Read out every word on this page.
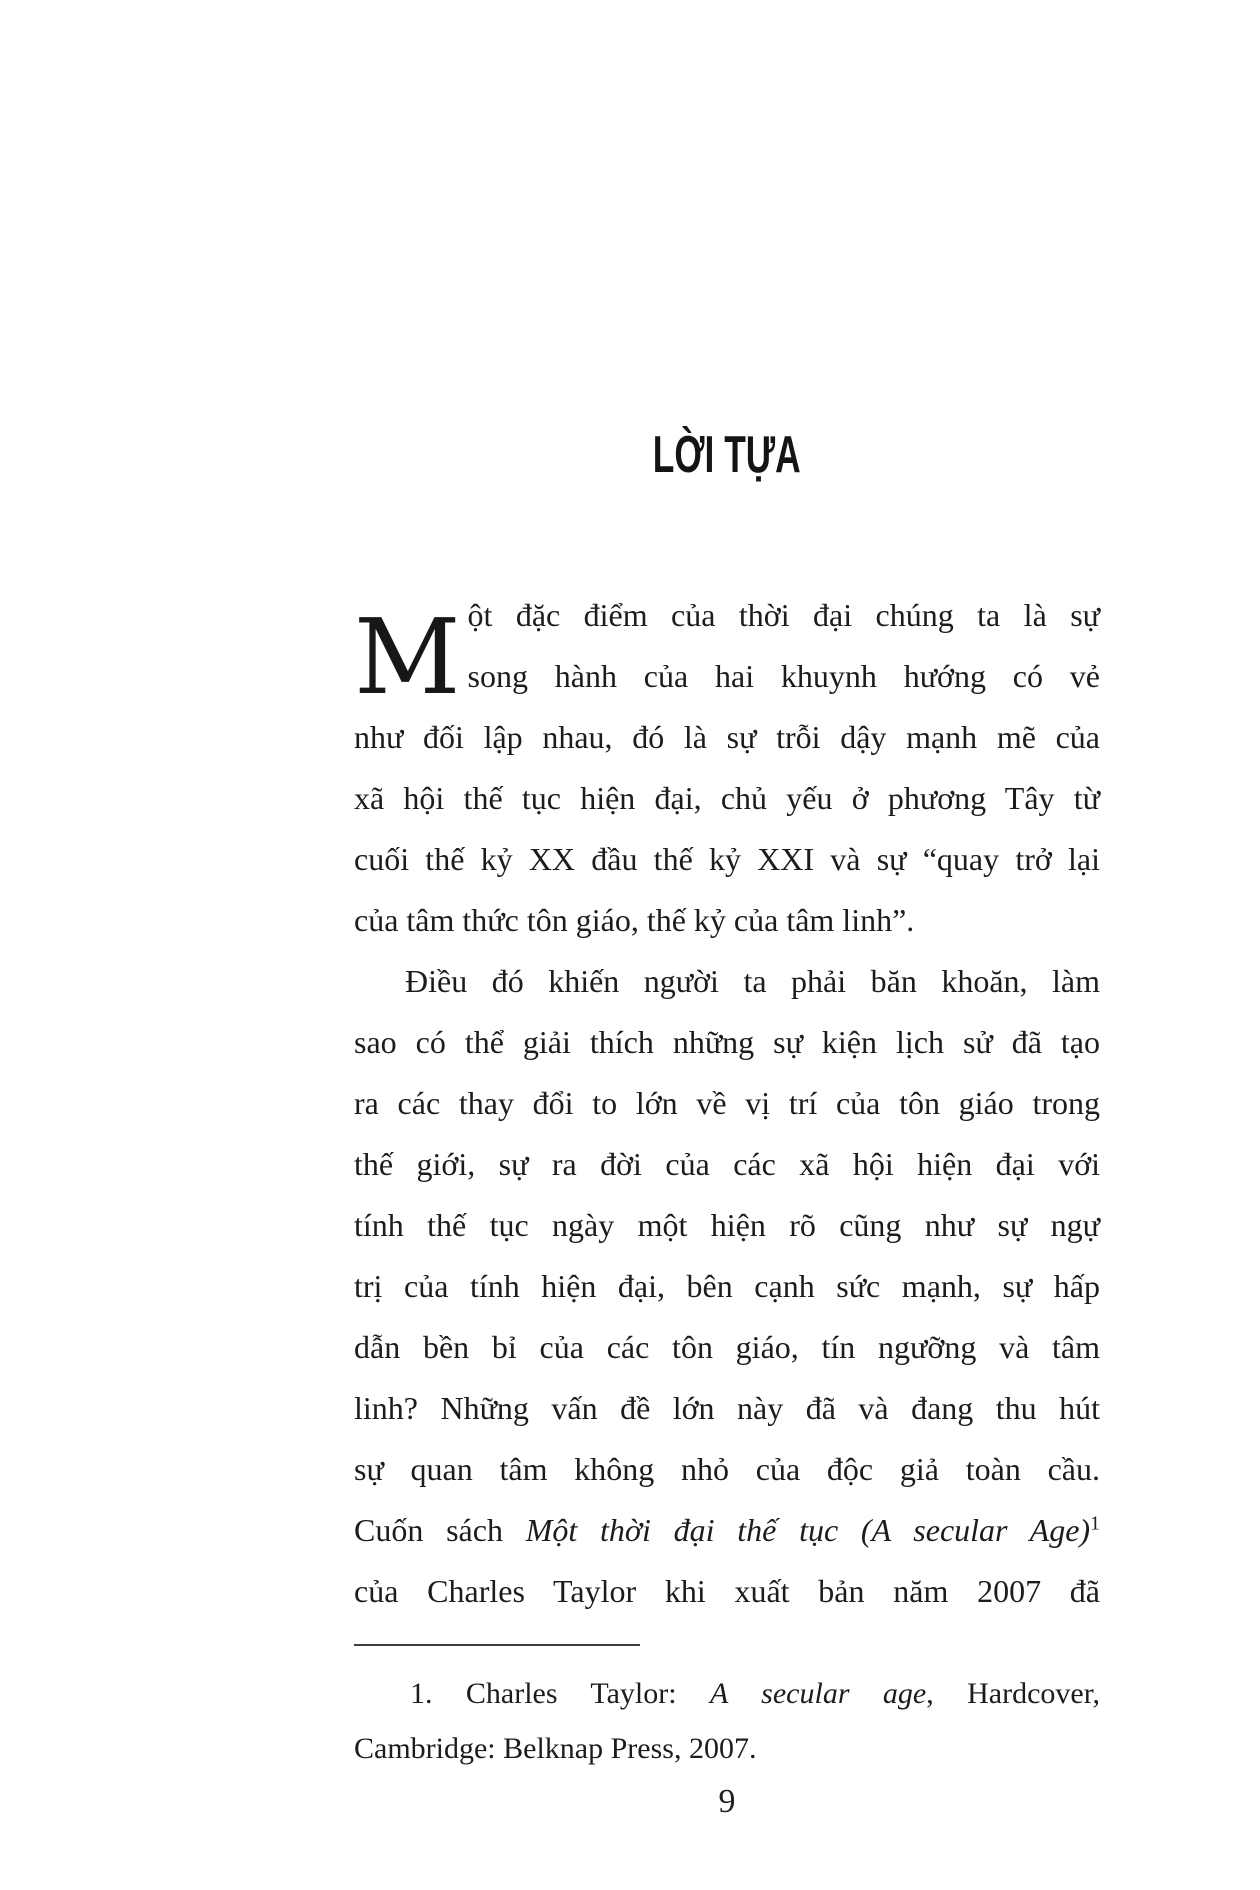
LỜI TỰA
M ột đặc điểm của thời đại chúng ta là sự
song hành của hai khuynh hướng có vẻ
như đối lập nhau, đó là sự trỗi dậy mạnh mẽ của
xã hội thế tục hiện đại, chủ yếu ở phương Tây từ
cuối thế kỷ XX đầu thế kỷ XXI và sự “quay trở lại
của tâm thức tôn giáo, thế kỷ của tâm linh”.
Điều đó khiến người ta phải băn khoăn, làm
sao có thể giải thích những sự kiện lịch sử đã tạo
ra các thay đổi to lớn về vị trí của tôn giáo trong
thế giới, sự ra đời của các xã hội hiện đại với
tính thế tục ngày một hiện rõ cũng như sự ngự
trị của tính hiện đại, bên cạnh sức mạnh, sự hấp
dẫn bền bỉ của các tôn giáo, tín ngưỡng và tâm
linh? Những vấn đề lớn này đã và đang thu hút
sự quan tâm không nhỏ của độc giả toàn cầu.
Cuốn sách Một thời đại thế tục (A secular Age)$^1$
của Charles Taylor khi xuất bản năm 2007 đã
1. Charles Taylor: A secular age, Hardcover,
Cambridge: Belknap Press, 2007.
9
